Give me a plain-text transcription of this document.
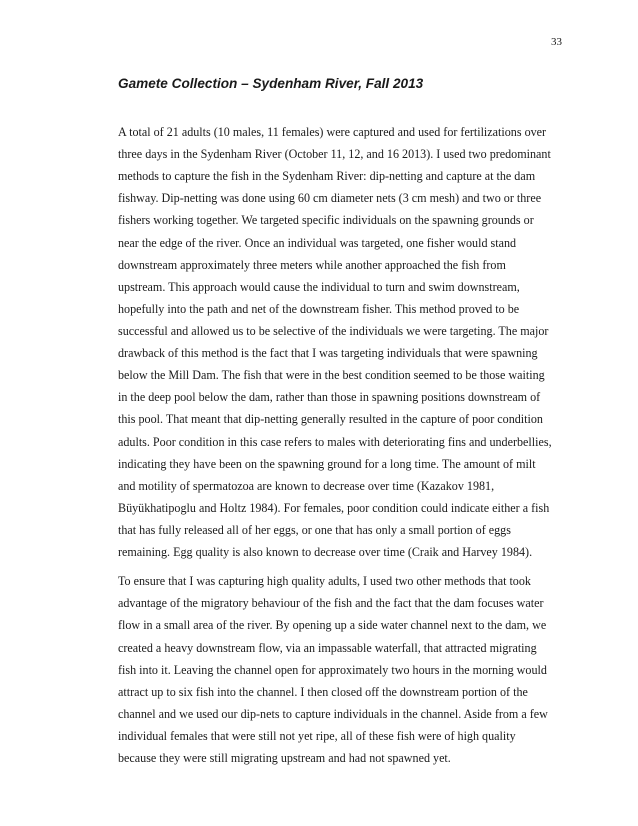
33
Gamete Collection – Sydenham River, Fall 2013
A total of 21 adults (10 males, 11 females) were captured and used for fertilizations over
three days in the Sydenham River (October 11, 12, and 16 2013). I used two predominant
methods to capture the fish in the Sydenham River: dip-netting and capture at the dam
fishway. Dip-netting was done using 60 cm diameter nets (3 cm mesh) and two or three
fishers working together. We targeted specific individuals on the spawning grounds or
near the edge of the river. Once an individual was targeted, one fisher would stand
downstream approximately three meters while another approached the fish from
upstream. This approach would cause the individual to turn and swim downstream,
hopefully into the path and net of the downstream fisher. This method proved to be
successful and allowed us to be selective of the individuals we were targeting. The major
drawback of this method is the fact that I was targeting individuals that were spawning
below the Mill Dam. The fish that were in the best condition seemed to be those waiting
in the deep pool below the dam, rather than those in spawning positions downstream of
this pool. That meant that dip-netting generally resulted in the capture of poor condition
adults. Poor condition in this case refers to males with deteriorating fins and underbellies,
indicating they have been on the spawning ground for a long time. The amount of milt
and motility of spermatozoa are known to decrease over time (Kazakov 1981,
Büyükhatipoglu and Holtz 1984). For females, poor condition could indicate either a fish
that has fully released all of her eggs, or one that has only a small portion of eggs
remaining. Egg quality is also known to decrease over time (Craik and Harvey 1984).
To ensure that I was capturing high quality adults, I used two other methods that took
advantage of the migratory behaviour of the fish and the fact that the dam focuses water
flow in a small area of the river. By opening up a side water channel next to the dam, we
created a heavy downstream flow, via an impassable waterfall, that attracted migrating
fish into it. Leaving the channel open for approximately two hours in the morning would
attract up to six fish into the channel. I then closed off the downstream portion of the
channel and we used our dip-nets to capture individuals in the channel. Aside from a few
individual females that were still not yet ripe, all of these fish were of high quality
because they were still migrating upstream and had not spawned yet.
